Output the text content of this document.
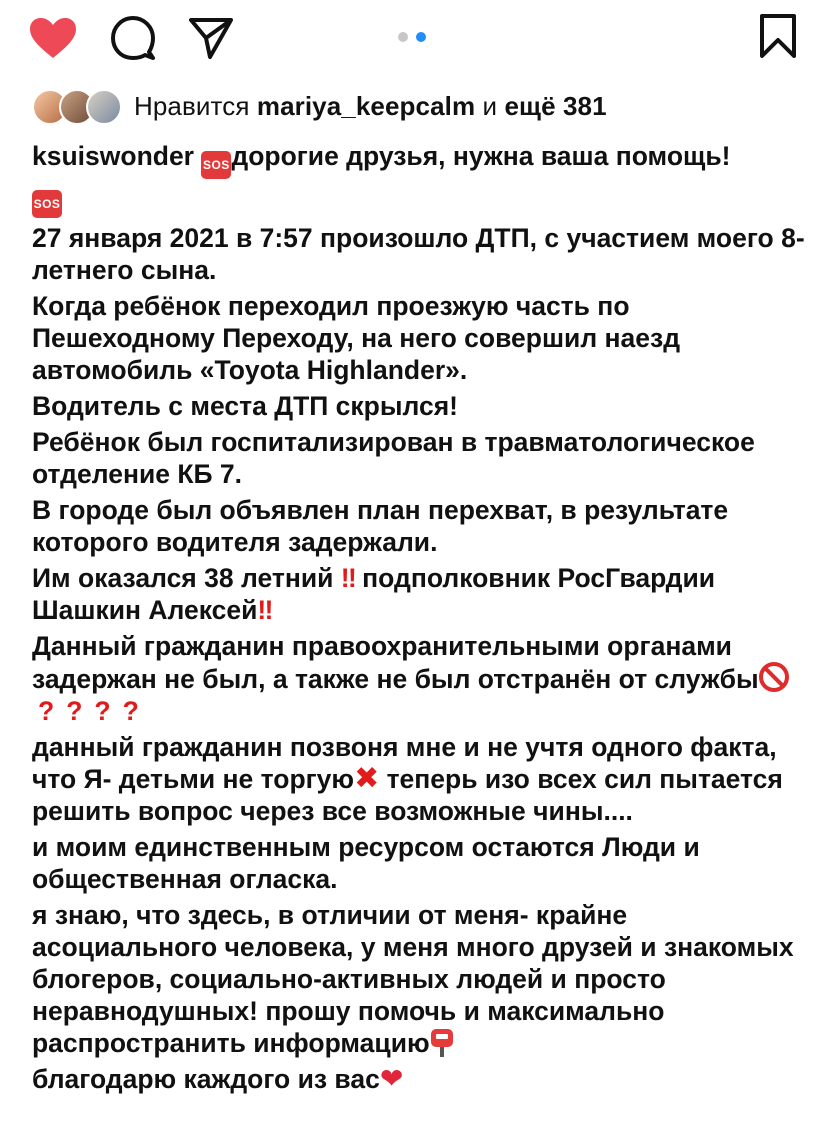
Нравится mariya_keepcalm и ещё 381

ksuiswonder SOSдорогие друзья, нужна ваша помощь!
SOS

27 января 2021 в 7:57 произошло ДТП, с участием моего 8-летнего сына.

Когда ребёнок переходил проезжую часть по Пешеходному Переходу, на него совершил наезд автомобиль «Toyota Highlander».

Водитель с места ДТП скрылся!

Ребёнок был госпитализирован в травматологическое отделение КБ 7.

В городе был объявлен план перехват, в результате которого водителя задержали.

Им оказался 38 летний ‼ подполковник РосГвардии Шашкин Алексей‼

Данный гражданин правоохранительными органами задержан не был, а также не был отстранён от службы? ? ? ?

данный гражданин позвоня мне и не учтя одного факта, что Я- детьми не торгую✖ теперь изо всех сил пытается решить вопрос через все возможные чины....

и моим единственным ресурсом остаются Люди и общественная огласка.

я знаю, что здесь, в отличии от меня- крайне асоциального человека, у меня много друзей и знакомых блогеров, социально-активных людей и просто неравнодушных! прошу помочь и максимально распространить информацию

благодарю каждого из вас❤
